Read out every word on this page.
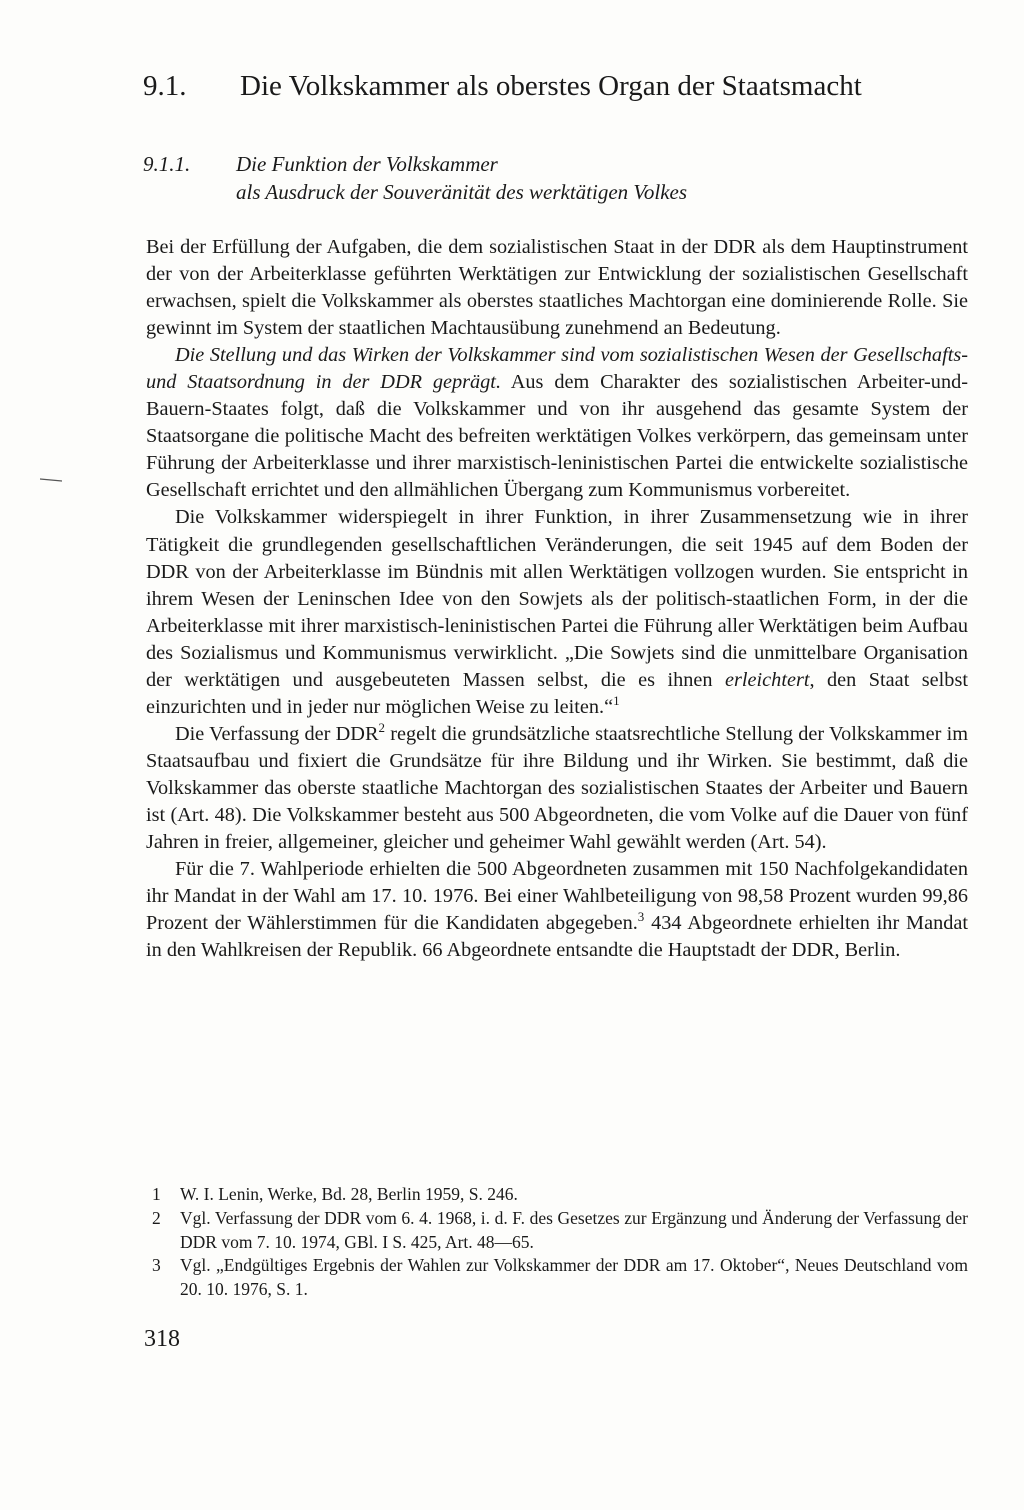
9.1. Die Volkskammer als oberstes Organ der Staatsmacht
9.1.1. Die Funktion der Volkskammer
als Ausdruck der Souveränität des werktätigen Volkes

Bei der Erfüllung der Aufgaben, die dem sozialistischen Staat in der DDR als dem Hauptinstrument der von der Arbeiterklasse geführten Werktätigen zur Entwicklung der sozialistischen Gesellschaft erwachsen, spielt die Volkskammer als oberstes staatliches Machtorgan eine dominierende Rolle. Sie gewinnt im System der staatlichen Machtausübung zunehmend an Bedeutung.

Die Stellung und das Wirken der Volkskammer sind vom sozialistischen Wesen der Gesellschafts- und Staatsordnung in der DDR geprägt. Aus dem Charakter des sozialistischen Arbeiter-und-Bauern-Staates folgt, daß die Volkskammer und von ihr ausgehend das gesamte System der Staatsorgane die politische Macht des befreiten werktätigen Volkes verkörpern, das gemeinsam unter Führung der Arbeiterklasse und ihrer marxistisch-leninistischen Partei die entwickelte sozialistische Gesellschaft errichtet und den allmählichen Übergang zum Kommunismus vorbereitet.

Die Volkskammer widerspiegelt in ihrer Funktion, in ihrer Zusammensetzung wie in ihrer Tätigkeit die grundlegenden gesellschaftlichen Veränderungen, die seit 1945 auf dem Boden der DDR von der Arbeiterklasse im Bündnis mit allen Werktätigen vollzogen wurden. Sie entspricht in ihrem Wesen der Leninschen Idee von den Sowjets als der politisch-staatlichen Form, in der die Arbeiterklasse mit ihrer marxistisch-leninistischen Partei die Führung aller Werktätigen beim Aufbau des Sozialismus und Kommunismus verwirklicht. „Die Sowjets sind die unmittelbare Organisation der werktätigen und ausgebeuteten Massen selbst, die es ihnen erleichtert, den Staat selbst einzurichten und in jeder nur möglichen Weise zu leiten.“$^1$

Die Verfassung der DDR$^2$ regelt die grundsätzliche staatsrechtliche Stellung der Volkskammer im Staatsaufbau und fixiert die Grundsätze für ihre Bildung und ihr Wirken. Sie bestimmt, daß die Volkskammer das oberste staatliche Machtorgan des sozialistischen Staates der Arbeiter und Bauern ist (Art. 48). Die Volkskammer besteht aus 500 Abgeordneten, die vom Volke auf die Dauer von fünf Jahren in freier, allgemeiner, gleicher und geheimer Wahl gewählt werden (Art. 54).

Für die 7. Wahlperiode erhielten die 500 Abgeordneten zusammen mit 150 Nachfolgekandidaten ihr Mandat in der Wahl am 17. 10. 1976. Bei einer Wahlbeteiligung von 98,58 Prozent wurden 99,86 Prozent der Wählerstimmen für die Kandidaten abgegeben.$^3$ 434 Abgeordnete erhielten ihr Mandat in den Wahlkreisen der Republik. 66 Abgeordnete entsandte die Hauptstadt der DDR, Berlin.

1 W. I. Lenin, Werke, Bd. 28, Berlin 1959, S. 246.
2 Vgl. Verfassung der DDR vom 6. 4. 1968, i. d. F. des Gesetzes zur Ergänzung und Änderung der Verfassung der DDR vom 7. 10. 1974, GBl. I S. 425, Art. 48—65.
3 Vgl. „Endgültiges Ergebnis der Wahlen zur Volkskammer der DDR am 17. Oktober“, Neues Deutschland vom 20. 10. 1976, S. 1.
318
